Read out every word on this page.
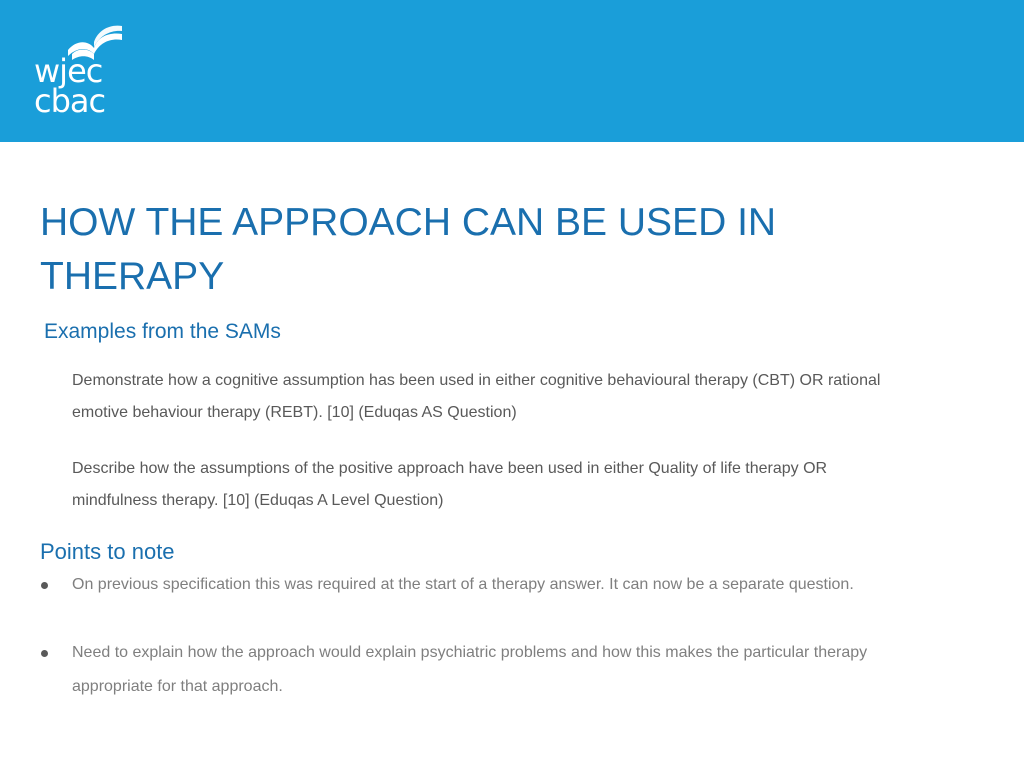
wjec
cbac
HOW THE APPROACH CAN BE USED IN
THERAPY
Examples from the SAMs
Demonstrate how a cognitive assumption has been used in either cognitive behavioural therapy (CBT) OR rational  emotive behaviour therapy (REBT). [10] (Eduqas AS Question)
Describe how the assumptions of the positive approach have been used in either Quality of life therapy OR mindfulness therapy. [10] (Eduqas A Level Question)
Points to note
On previous specification this was required at the start of a therapy answer. It can now be a separate question.
Need to explain how the approach would explain psychiatric problems and how this makes the particular therapy appropriate for that approach.
